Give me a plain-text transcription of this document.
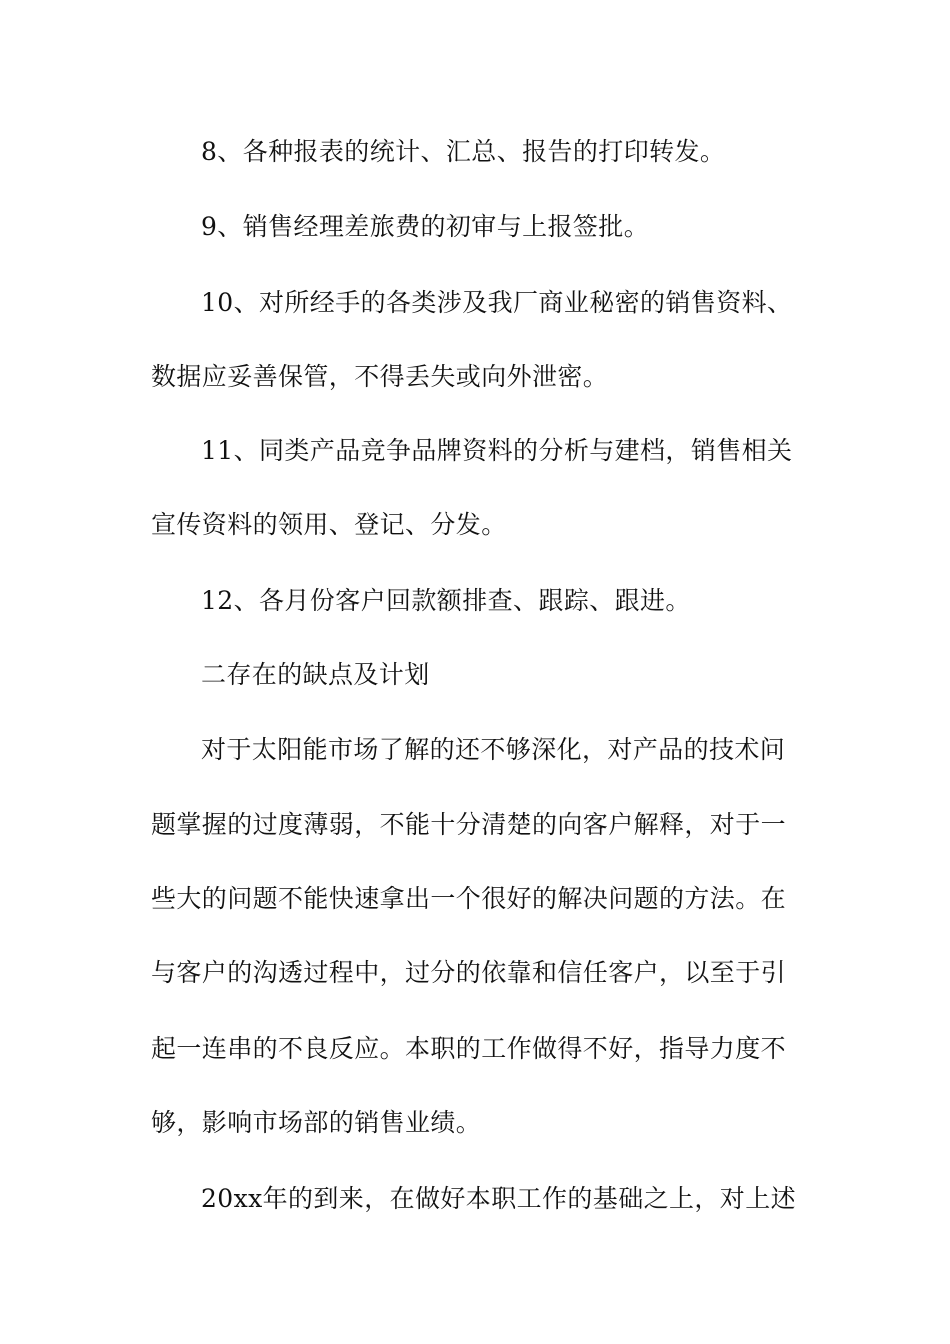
8、各种报表的统计、汇总、报告的打印转发。
9、销售经理差旅费的初审与上报签批。
10、对所经手的各类涉及我厂商业秘密的销售资料、
数据应妥善保管，不得丢失或向外泄密。
11、同类产品竞争品牌资料的分析与建档，销售相关
宣传资料的领用、登记、分发。
12、各月份客户回款额排查、跟踪、跟进。
二存在的缺点及计划
对于太阳能市场了解的还不够深化，对产品的技术问
题掌握的过度薄弱，不能十分清楚的向客户解释，对于一
些大的问题不能快速拿出一个很好的解决问题的方法。在
与客户的沟透过程中，过分的依靠和信任客户，以至于引
起一连串的不良反应。本职的工作做得不好，指导力度不
够，影响市场部的销售业绩。
20xx年的到来，在做好本职工作的基础之上，对上述
